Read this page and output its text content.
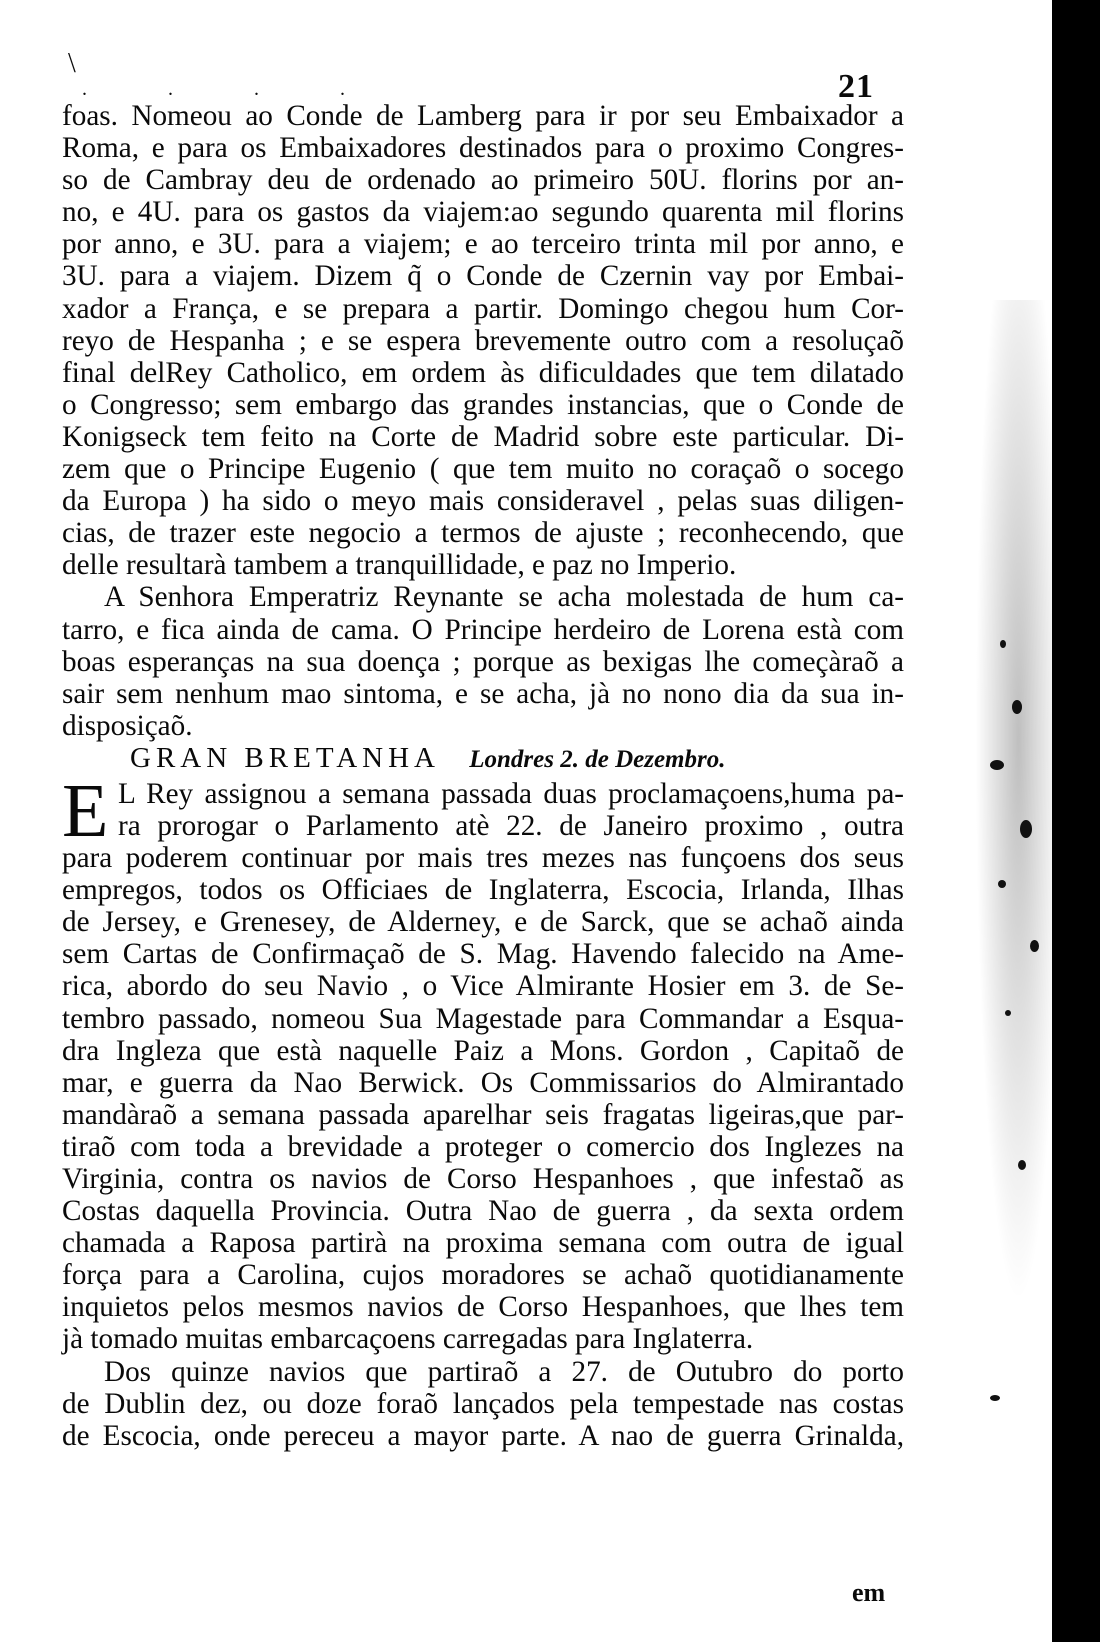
\
. . . .	21
foas. Nomeou ao Conde de Lamberg para ir por seu Embaixador a
Roma, e para os Embaixadores destinados para o proximo Congres-
so de Cambray deu de ordenado ao primeiro 50U. florins por an-
no, e 4U. para os gastos da viajem:ao segundo quarenta mil florins
por anno, e 3U. para a viajem; e ao terceiro trinta mil por anno, e
3U. para a viajem. Dizem q̃ o Conde de Czernin vay por Embai-
xador a França, e se prepara a partir. Domingo chegou hum Cor-
reyo de Hespanha ; e se espera brevemente outro com a resoluçaõ
final delRey Catholico, em ordem às dificuldades que tem dilatado
o Congresso; sem embargo das grandes instancias, que o Conde de
Konigseck tem feito na Corte de Madrid sobre este particular. Di-
zem que o Principe Eugenio ( que tem muito no coraçaõ o socego
da Europa ) ha sido o meyo mais consideravel , pelas suas diligen-
cias, de trazer este negocio a termos de ajuste ; reconhecendo, que
delle resultarà tambem a tranquillidade, e paz no Imperio.
A Senhora Emperatriz Reynante se acha molestada de hum ca-
tarro, e fica ainda de cama. O Principe herdeiro de Lorena està com
boas esperanças na sua doença ; porque as bexigas lhe começàraõ a
sair sem nenhum mao sintoma, e se acha, jà no nono dia da sua in-
disposiçaõ.
GRAN BRETANHA Londres 2. de Dezembro.
E L Rey assignou a semana passada duas proclamaçoens,huma pa-
ra prorogar o Parlamento atè 22. de Janeiro proximo , outra
para poderem continuar por mais tres mezes nas funçoens dos seus
empregos, todos os Officiaes de Inglaterra, Escocia, Irlanda, Ilhas
de Jersey, e Grenesey, de Alderney, e de Sarck, que se achaõ ainda
sem Cartas de Confirmaçaõ de S. Mag. Havendo falecido na Ame-
rica, abordo do seu Navio , o Vice Almirante Hosier em 3. de Se-
tembro passado, nomeou Sua Magestade para Commandar a Esqua-
dra Ingleza que està naquelle Paiz a Mons. Gordon , Capitaõ de
mar, e guerra da Nao Berwick. Os Commissarios do Almirantado
mandàraõ a semana passada aparelhar seis fragatas ligeiras,que par-
tiraõ com toda a brevidade a proteger o comercio dos Inglezes na
Virginia, contra os navios de Corso Hespanhoes , que infestaõ as
Costas daquella Provincia. Outra Nao de guerra , da sexta ordem
chamada a Raposa partirà na proxima semana com outra de igual
força para a Carolina, cujos moradores se achaõ quotidianamente
inquietos pelos mesmos navios de Corso Hespanhoes, que lhes tem
jà tomado muitas embarcaçoens carregadas para Inglaterra.
Dos quinze navios que partiraõ a 27. de Outubro do porto
de Dublin dez, ou doze foraõ lançados pela tempestade nas costas
de Escocia, onde pereceu a mayor parte. A nao de guerra Grinalda,
em
